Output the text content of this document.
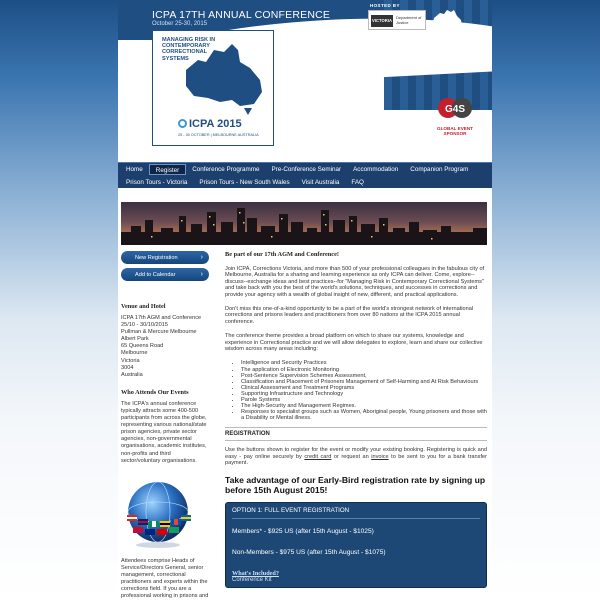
ICPA 17TH ANNUAL CONFERENCE
October 25-30, 2015
HOSTED BY
VICTORIA
Department of Justice
MANAGING RISK IN CONTEMPORARY CORRECTIONAL SYSTEMS
ICPA 2015
25 - 30 OCTOBER | MELBOURNE AUSTRALIA
G4S
GLOBAL EVENT SPONSOR
Home	Register	Conference Programme	Pre-Conference Seminar	Accommodation	Companion Program
Prison Tours - Victoria	Prison Tours - New South Wales	Visit Australia	FAQ
New Registration	›
Add to Calendar	›
Venue and Hotel
ICPA 17th AGM and Conference
25/10 - 30/10/2015
Pullman & Mercure Melbourne Albert Park
65 Queens Road
Melbourne
Victoria
3004
Australia
Who Attends Our Events
The ICPA's annual conference typically attracts some 400-500 participants from across the globe, representing various national/state prison agencies, private sector agencies, non-governmental organisations, academic institutes, non-profits and third sector/voluntary organisations.
Attendees comprise Heads of Service/Directors General, senior management, correctional practitioners and experts within the corrections field. If you are a professional working in prisons and
Be part of our 17th AGM and Conference!
Join ICPA, Corrections Victoria, and more than 500 of your professional colleagues in the fabulous city of Melbourne, Australia for a sharing and learning experience as only ICPA can deliver. Come, explore-- discuss--exchange ideas and best practices--for "Managing Risk in Contemporary Correctional Systems" and take back with you the best of the world's solutions, techniques, and successes in corrections and provide your agency with a wealth of global insight of new, different, and practical applications.
Don't miss this one-of-a-kind opportunity to be a part of the world's strongest network of international corrections and prisons leaders and practitioners from over 80 nations at the ICPA 2015 annual conference.
The conference theme provides a broad platform on which to share our systems, knowledge and experience in Correctional practice and we will allow delegates to explore, learn and share our collective wisdom across many areas including:
• Intelligence and Security Practices
• The application of Electronic Monitoring
• Post-Sentence Supervision Schemes Assessment,
• Classification and Placement of Prisoners Management of Self-Harming and At Risk Behaviours
• Clinical Assessment and Treatment Programs
• Supporting Infrastructure and Technology
• Parole Systems
• The High-Security and Management Regimes.
• Responses to specialist groups such as Women, Aboriginal people, Young prisoners and those with a Disability or Mental illness.
REGISTRATION
Use the buttons shown to register for the event or modify your existing booking. Registering is quick and easy - pay online securely by credit card or request an invoice to be sent to you for a bank transfer payment.
Take advantage of our Early-Bird registration rate by signing up before 15th August 2015!
OPTION 1: FULL EVENT REGISTRATION
Members* - $925 US (after 15th August - $1025)
Non-Members - $975 US (after 15th August - $1075)
What's Included?
Conference Kit
